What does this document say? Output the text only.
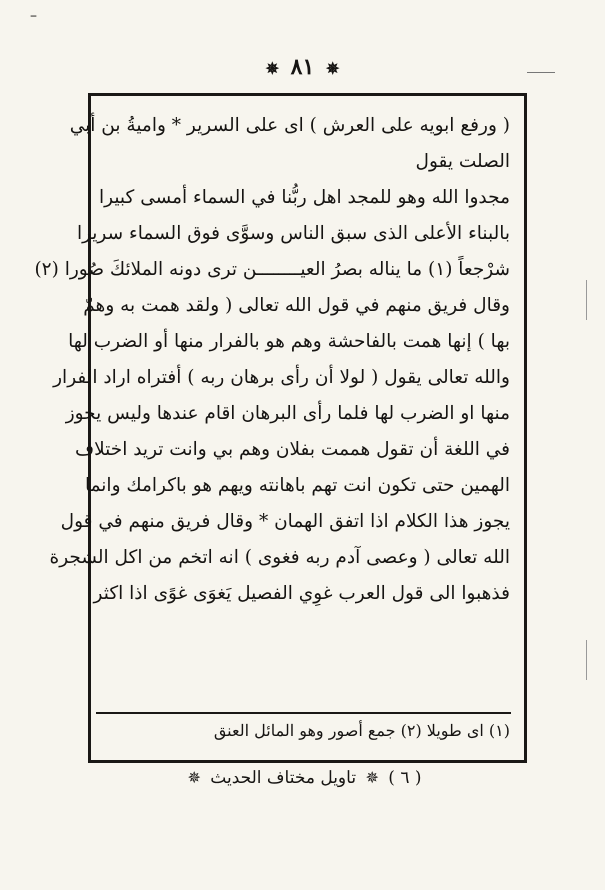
–
✵ ٨١ ✵
( ورفع ابويه على العرش ) اى على السرير * واميةُ بن أبي
الصلت يقول
مجدوا الله وهو للمجد اهل
ربُّنا في السماء أمسى كبيرا
بالبناء الأعلى الذى سبق النا
س وسوَّى فوق السماء سريرا
شرْجعاً (١) ما يناله بصرُ العيـــــــ
ـن ترى دونه الملائكَ صُورا (٢)
وقال فريق منهم في قول الله تعالى ( ولقد همت به وهمّ
بها ) إنها همت بالفاحشة وهم هو بالفرار منها أو الضرب لها
والله تعالى يقول ( لولا أن رأى برهان ربه ) أفتراه اراد الفرار
منها او الضرب لها فلما رأى البرهان اقام عندها وليس يجوز
في اللغة أن تقول هممت بفلان وهم بي وانت تريد اختلاف
الهمين حتى تكون انت تهم باهانته ويهم هو باكرامك وانما
يجوز هذا الكلام اذا اتفق الهمان * وقال فريق منهم في قول
الله تعالى ( وعصى آدم ربه فغوى ) انه اتخم من اكل الشجرة
فذهبوا الى قول العرب غوِي الفصيل يَغوَى غوًى اذا اكثر
(١) اى طويلا (٢) جمع أصور وهو المائل العنق
( ٦ ) ✵ تاويل مختاف الحديث ✵
